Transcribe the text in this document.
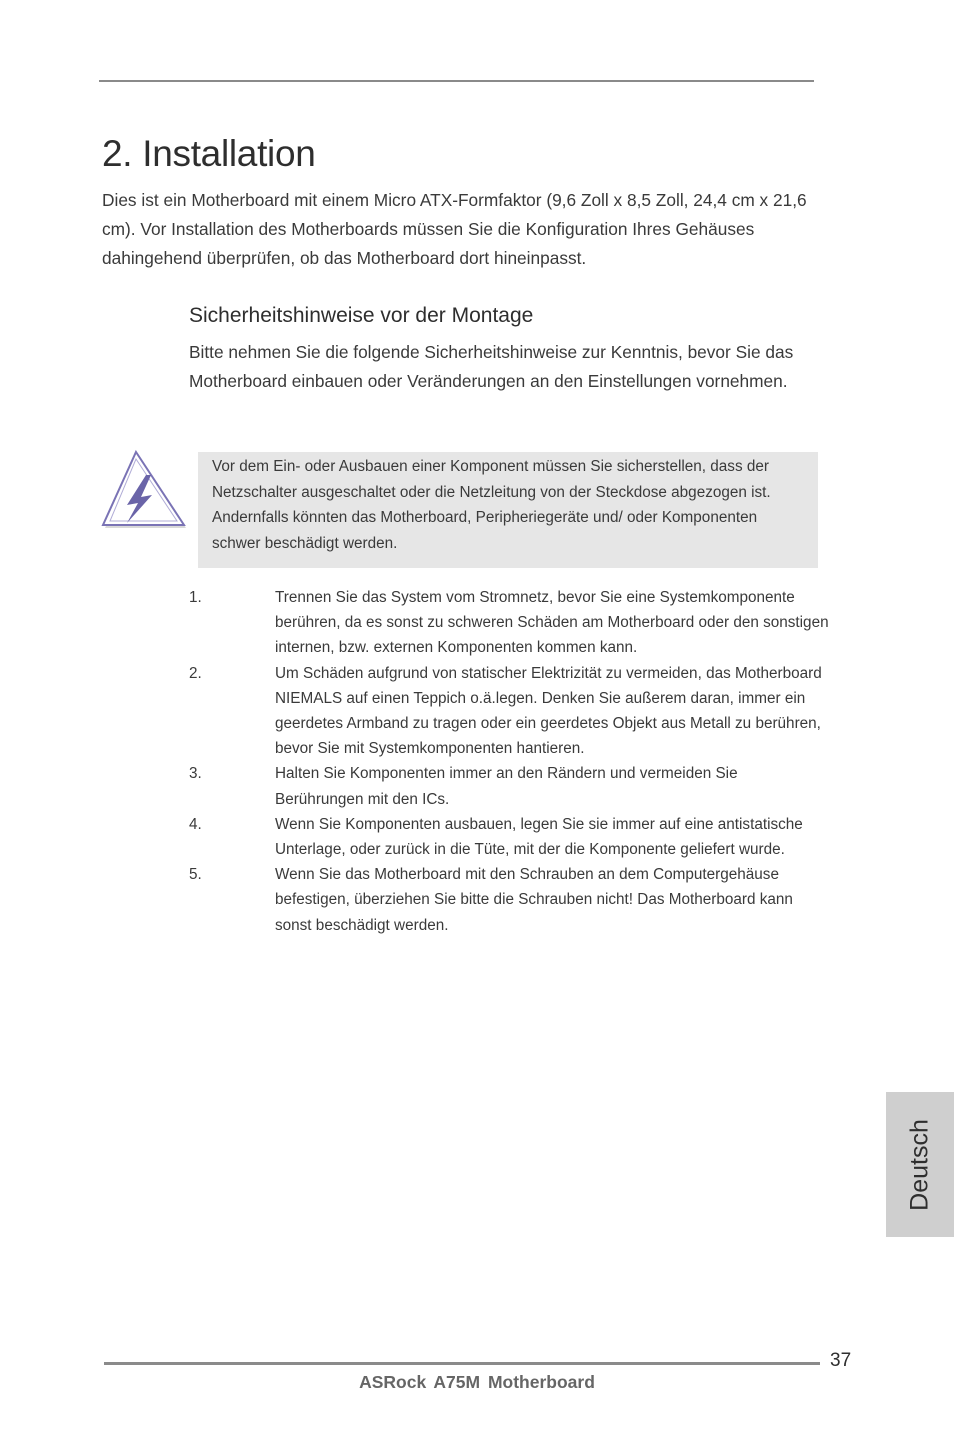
2. Installation

Dies ist ein Motherboard mit einem Micro ATX-Formfaktor (9,6 Zoll x 8,5 Zoll, 24,4 cm x 21,6 cm). Vor Installation des Motherboards müssen Sie die Konfiguration Ihres Gehäuses dahingehend überprüfen, ob das Motherboard dort hineinpasst.

Sicherheitshinweise vor der Montage

Bitte nehmen Sie die folgende Sicherheitshinweise zur Kenntnis, bevor Sie das Motherboard einbauen oder Veränderungen an den Einstellungen vornehmen.

Vor dem Ein- oder Ausbauen einer Komponent müssen Sie sicherstellen, dass der Netzschalter ausgeschaltet oder die Netzleitung von der Steckdose abgezogen ist. Andernfalls könnten das Motherboard, Peripheriegeräte und/ oder Komponenten schwer beschädigt werden.

1.	Trennen Sie das System vom Stromnetz, bevor Sie eine Systemkomponente berühren, da es sonst zu schweren Schäden am Motherboard oder den sonstigen internen, bzw. externen Komponenten kommen kann.
2.	Um Schäden aufgrund von statischer Elektrizität zu vermeiden, das Motherboard NIEMALS auf einen Teppich o.ä.legen. Denken Sie außerem daran, immer ein geerdetes Armband zu tragen oder ein geerdetes Objekt aus Metall zu berühren, bevor Sie mit Systemkomponenten hantieren.
3.	Halten Sie Komponenten immer an den Rändern und vermeiden Sie Berührungen mit den ICs.
4.	Wenn Sie Komponenten ausbauen, legen Sie sie immer auf eine antistatische Unterlage, oder zurück in die Tüte, mit der die Komponente geliefert wurde.
5.	Wenn Sie das Motherboard mit den Schrauben an dem Computergehäuse befestigen, überziehen Sie bitte die Schrauben nicht! Das Motherboard kann sonst beschädigt werden.
Deutsch
37
ASRock A75M Motherboard
